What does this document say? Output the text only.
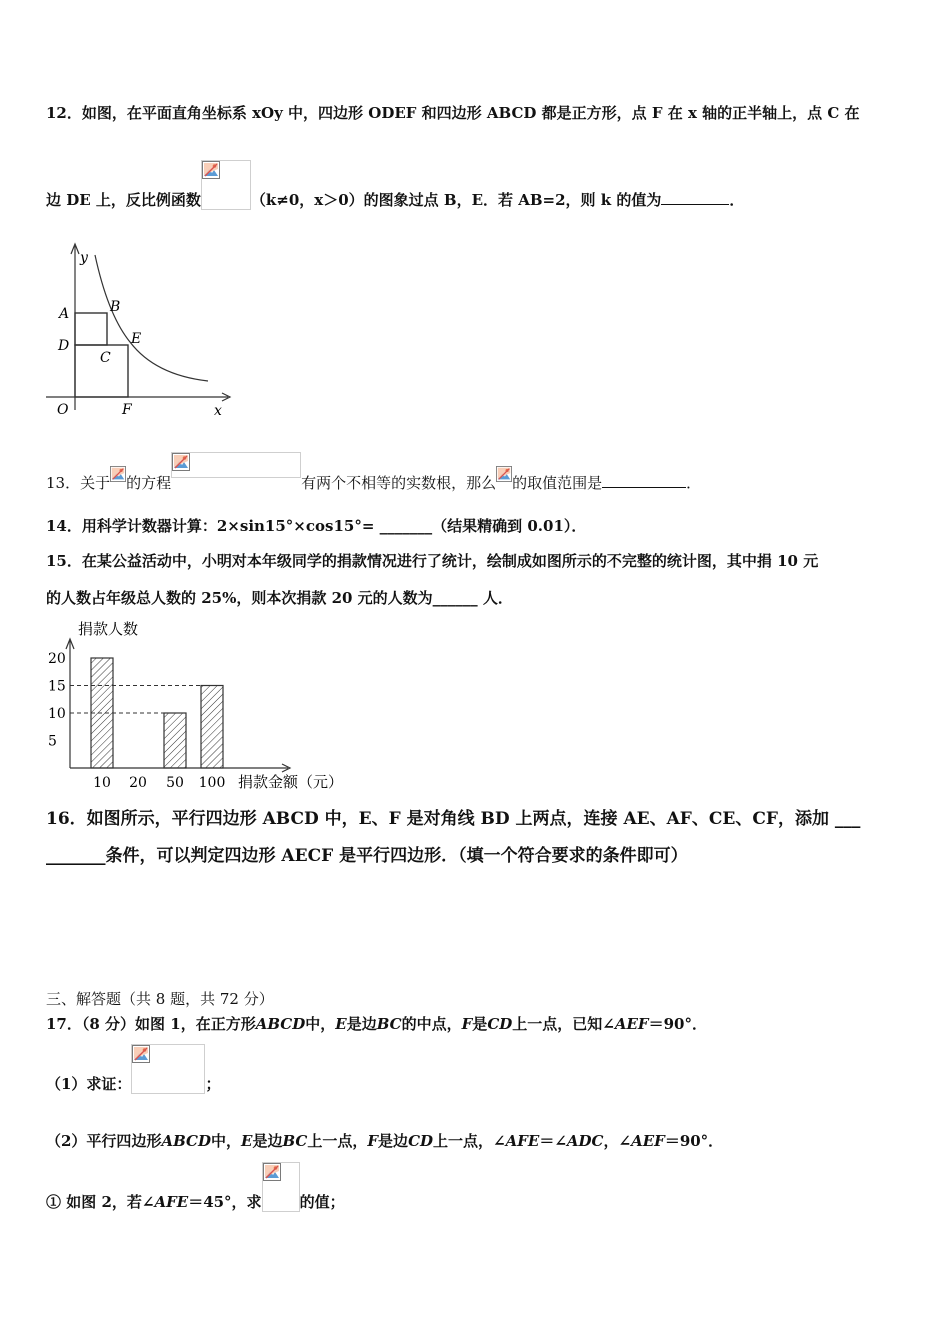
12．如图，在平面直角坐标系 xOy 中，四边形 ODEF 和四边形 ABCD 都是正方形，点 F 在 x 轴的正半轴上，点 C 在
边 DE 上，反比例函数	（k≠0，x＞0）的图象过点 B，E．若 AB=2，则 k 的值为	．
y
x
A	B
D
C
E
O	F
13．关于 的方程	有两个不相等的实数根，那么 的取值范围是	．
14．用科学计数器计算：2×sin15°×cos15°= _______（结果精确到 0.01）．
15．在某公益活动中，小明对本年级同学的捐款情况进行了统计，绘制成如图所示的不完整的统计图，其中捐 10 元
的人数占年级总人数的 25%，则本次捐款 20 元的人数为______ 人．
捐款人数
捐款金额（元）
5
10
15
20
10 20 50 100
16．如图所示，平行四边形 ABCD 中，E、F 是对角线 BD 上两点，连接 AE、AF、CE、CF，添加 ___
_______条件，可以判定四边形 AECF 是平行四边形．（填一个符合要求的条件即可）
三、解答题（共 8 题，共 72 分）
17．（8 分）如图 1，在正方形ABCD中，E是边BC的中点，F是CD上一点，已知∠AEF＝90°．
（1）求证：	；
（2）平行四边形ABCD中，E是边BC上一点，F是边CD上一点，∠AFE＝∠ADC，∠AEF＝90°．
① 如图 2，若∠AFE＝45°，求	的值；
